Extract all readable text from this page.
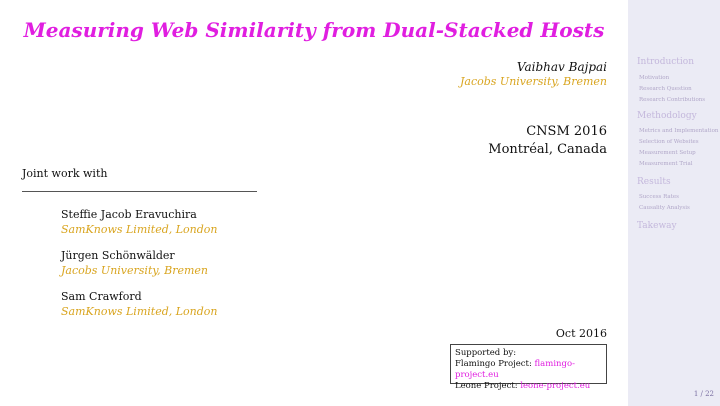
Measuring Web Similarity from Dual-Stacked Hosts
Vaibhav Bajpai
Jacobs University, Bremen
CNSM 2016
Montréal, Canada
Joint work with
Steffie Jacob Eravuchira
SamKnows Limited, London
Jürgen Schönwälder
Jacobs University, Bremen
Sam Crawford
SamKnows Limited, London
Oct 2016
Supported by:
Flamingo Project: flamingo-project.eu
Leone Project: leone-project.eu
Introduction
Motivation
Research Question
Research Contributions
Methodology
Metrics and Implementation
Selection of Websites
Measurement Setup
Measurement Trial
Results
Success Rates
Causality Analysis
Takeway
1 / 22
